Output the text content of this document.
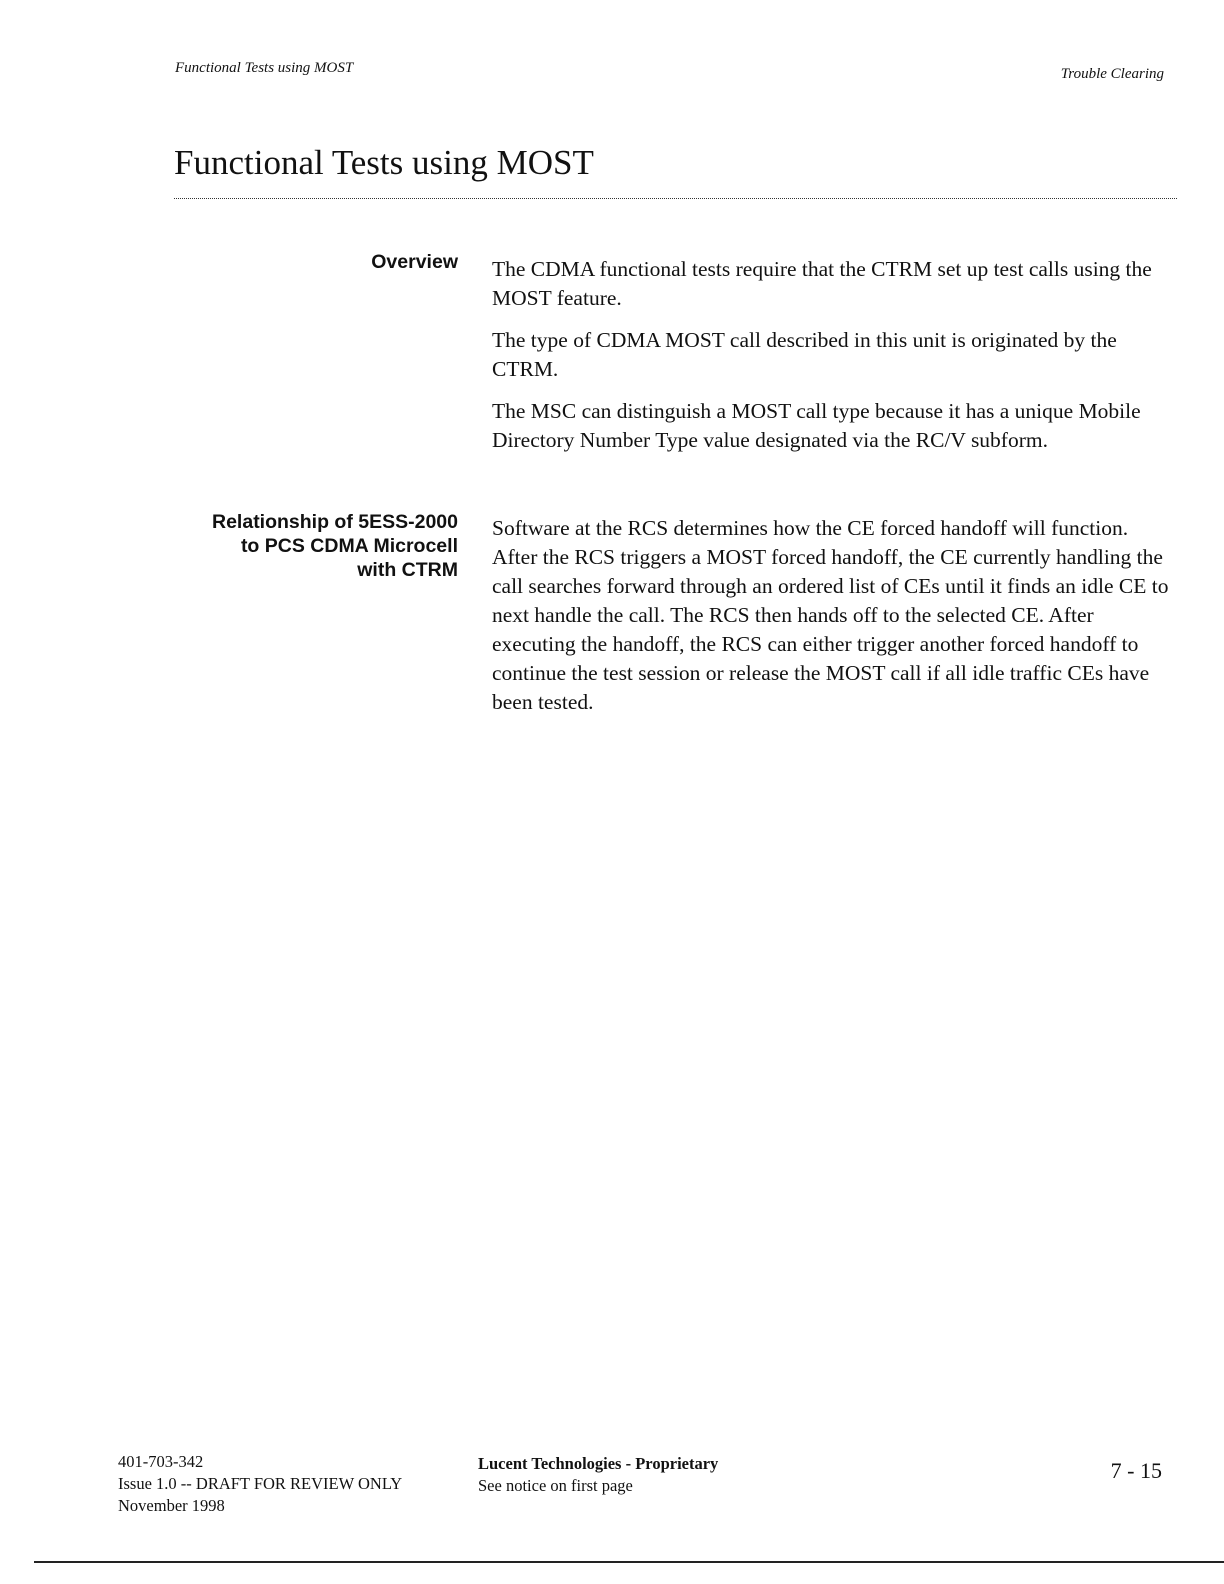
Functional Tests using MOST	Trouble Clearing
Functional Tests using MOST
Overview The CDMA functional tests require that the CTRM set up test calls using the MOST feature.

The type of CDMA MOST call described in this unit is originated by the CTRM.

The MSC can distinguish a MOST call type because it has a unique Mobile Directory Number Type value designated via the RC/V subform.

Relationship of 5ESS-2000 to PCS CDMA Microcell with CTRM

Software at the RCS determines how the CE forced handoff will function. After the RCS triggers a MOST forced handoff, the CE currently handling the call searches forward through an ordered list of CEs until it finds an idle CE to next handle the call. The RCS then hands off to the selected CE. After executing the handoff, the RCS can either trigger another forced handoff to continue the test session or release the MOST call if all idle traffic CEs have been tested.

401-703-342
Issue 1.0 -- DRAFT FOR REVIEW ONLY
November 1998
Lucent Technologies - Proprietary
See notice on first page
7 - 15
